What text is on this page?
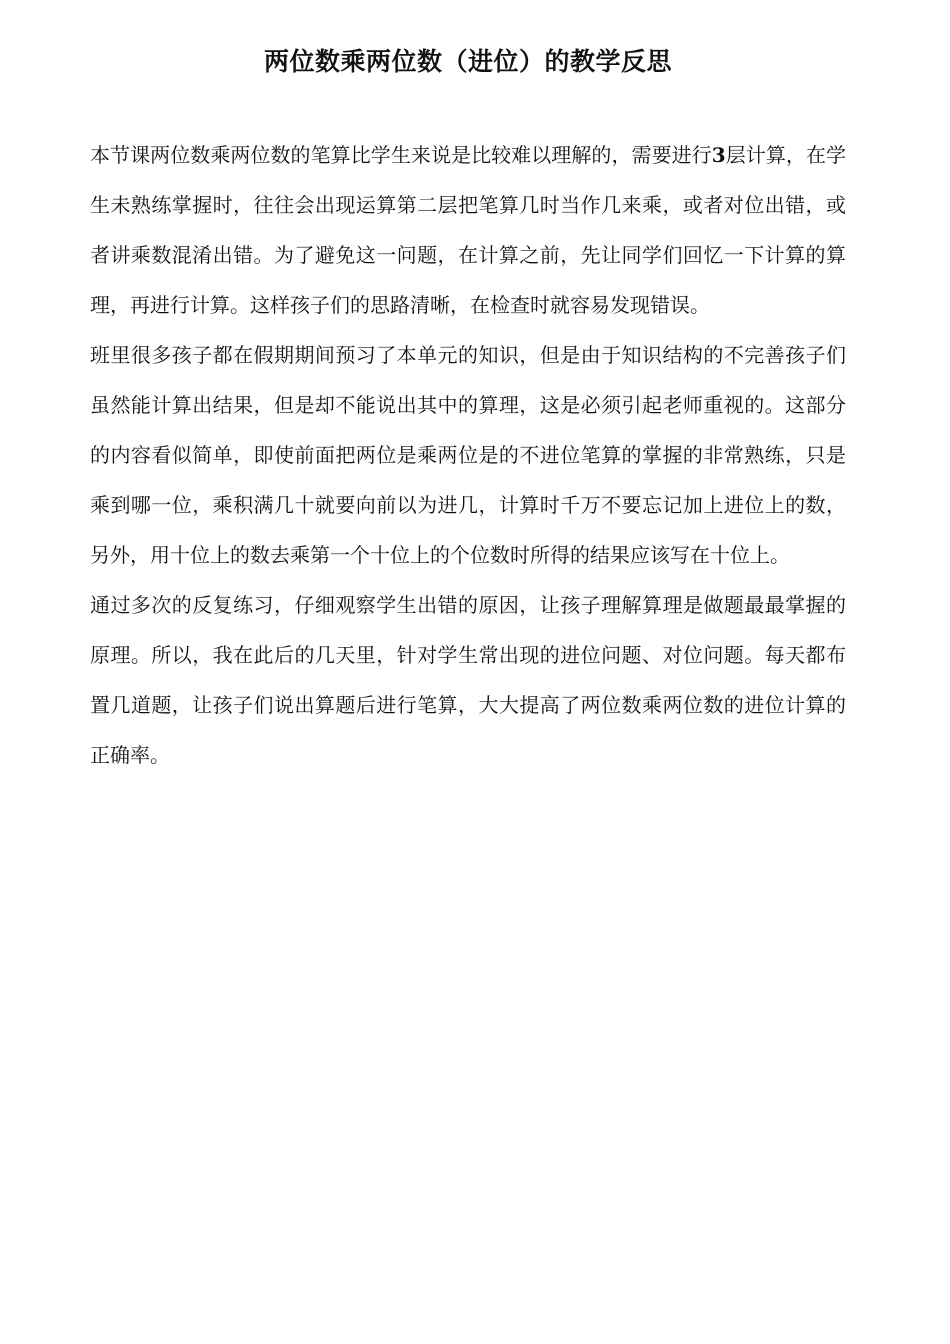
两位数乘两位数（进位）的教学反思

本节课两位数乘两位数的笔算比学生来说是比较难以理解的，需要进行3层计算，在学生未熟练掌握时，往往会出现运算第二层把笔算几时当作几来乘，或者对位出错，或者讲乘数混淆出错。为了避免这一问题，在计算之前，先让同学们回忆一下计算的算理，再进行计算。这样孩子们的思路清晰，在检查时就容易发现错误。

班里很多孩子都在假期期间预习了本单元的知识，但是由于知识结构的不完善孩子们虽然能计算出结果，但是却不能说出其中的算理，这是必须引起老师重视的。这部分的内容看似简单，即使前面把两位是乘两位是的不进位笔算的掌握的非常熟练，只是乘到哪一位，乘积满几十就要向前以为进几，计算时千万不要忘记加上进位上的数，另外，用十位上的数去乘第一个十位上的个位数时所得的结果应该写在十位上。

通过多次的反复练习，仔细观察学生出错的原因，让孩子理解算理是做题最最掌握的原理。所以，我在此后的几天里，针对学生常出现的进位问题、对位问题。每天都布置几道题，让孩子们说出算题后进行笔算，大大提高了两位数乘两位数的进位计算的正确率。
